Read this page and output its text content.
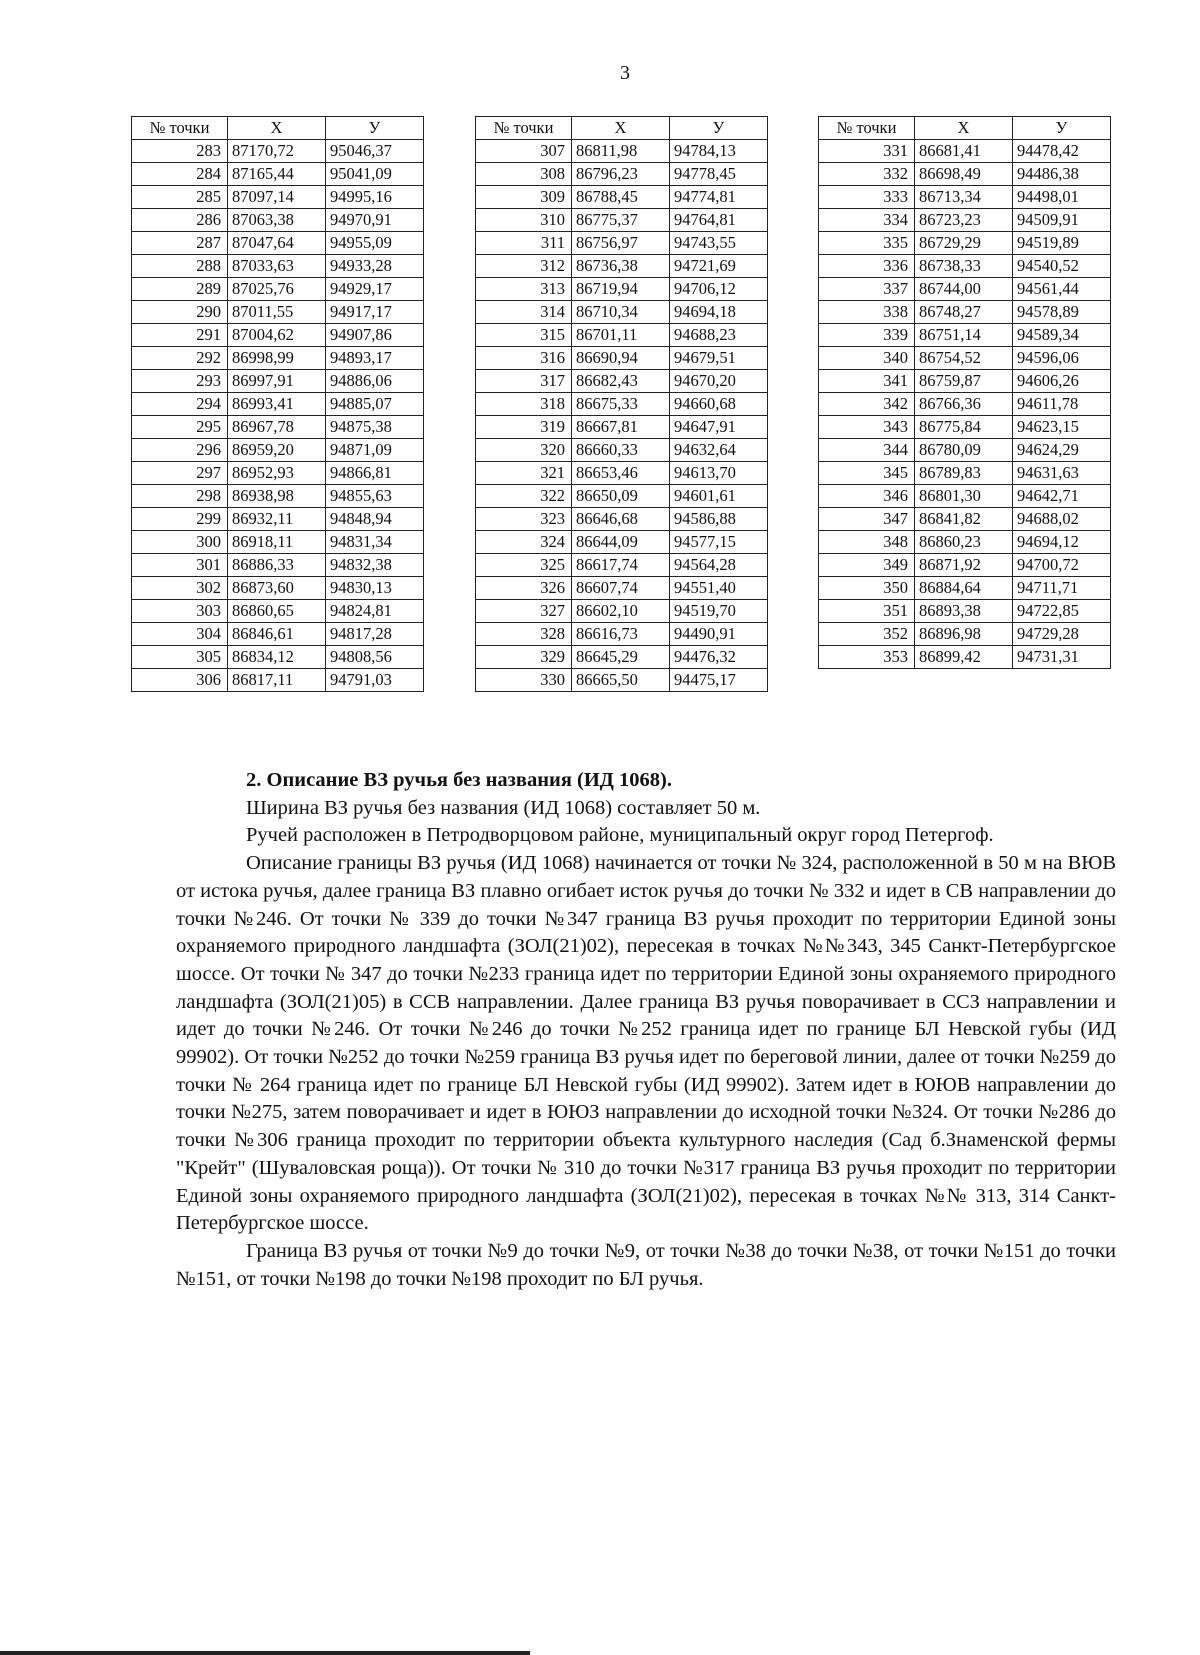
3
№ точки	X	У
283	87170,72	95046,37
284	87165,44	95041,09
285	87097,14	94995,16
286	87063,38	94970,91
287	87047,64	94955,09
288	87033,63	94933,28
289	87025,76	94929,17
290	87011,55	94917,17
291	87004,62	94907,86
292	86998,99	94893,17
293	86997,91	94886,06
294	86993,41	94885,07
295	86967,78	94875,38
296	86959,20	94871,09
297	86952,93	94866,81
298	86938,98	94855,63
299	86932,11	94848,94
300	86918,11	94831,34
301	86886,33	94832,38
302	86873,60	94830,13
303	86860,65	94824,81
304	86846,61	94817,28
305	86834,12	94808,56
306	86817,11	94791,03
№ точки	X	У
307	86811,98	94784,13
308	86796,23	94778,45
309	86788,45	94774,81
310	86775,37	94764,81
311	86756,97	94743,55
312	86736,38	94721,69
313	86719,94	94706,12
314	86710,34	94694,18
315	86701,11	94688,23
316	86690,94	94679,51
317	86682,43	94670,20
318	86675,33	94660,68
319	86667,81	94647,91
320	86660,33	94632,64
321	86653,46	94613,70
322	86650,09	94601,61
323	86646,68	94586,88
324	86644,09	94577,15
325	86617,74	94564,28
326	86607,74	94551,40
327	86602,10	94519,70
328	86616,73	94490,91
329	86645,29	94476,32
330	86665,50	94475,17
№ точки	X	У
331	86681,41	94478,42
332	86698,49	94486,38
333	86713,34	94498,01
334	86723,23	94509,91
335	86729,29	94519,89
336	86738,33	94540,52
337	86744,00	94561,44
338	86748,27	94578,89
339	86751,14	94589,34
340	86754,52	94596,06
341	86759,87	94606,26
342	86766,36	94611,78
343	86775,84	94623,15
344	86780,09	94624,29
345	86789,83	94631,63
346	86801,30	94642,71
347	86841,82	94688,02
348	86860,23	94694,12
349	86871,92	94700,72
350	86884,64	94711,71
351	86893,38	94722,85
352	86896,98	94729,28
353	86899,42	94731,31
2. Описание ВЗ ручья без названия (ИД 1068).

Ширина ВЗ ручья без названия (ИД 1068) составляет 50 м.

Ручей расположен в Петродворцовом районе, муниципальный округ город Петергоф.

Описание границы ВЗ ручья (ИД 1068) начинается от точки № 324, расположенной в 50 м на ВЮВ от истока ручья, далее граница ВЗ плавно огибает исток ручья до точки № 332 и идет в СВ направлении до точки №246. От точки № 339 до точки №347 граница ВЗ ручья проходит по территории Единой зоны охраняемого природного ландшафта (ЗОЛ(21)02), пересекая в точках №№343, 345 Санкт-Петербургское шоссе. От точки № 347 до точки №233 граница идет по территории Единой зоны охраняемого природного ландшафта (ЗОЛ(21)05) в ССВ направлении. Далее граница ВЗ ручья поворачивает в ССЗ направлении и идет до точки №246. От точки №246 до точки №252 граница идет по границе БЛ Невской губы (ИД 99902). От точки №252 до точки №259 граница ВЗ ручья идет по береговой линии, далее от точки №259 до точки № 264 граница идет по границе БЛ Невской губы (ИД 99902). Затем идет в ЮЮВ направлении до точки №275, затем поворачивает и идет в ЮЮЗ направлении до исходной точки №324. От точки №286 до точки №306 граница проходит по территории объекта культурного наследия (Сад б.Знаменской фермы "Крейт" (Шуваловская роща)). От точки № 310 до точки №317 граница ВЗ ручья проходит по территории Единой зоны охраняемого природного ландшафта (ЗОЛ(21)02), пересекая в точках №№ 313, 314 Санкт-Петербургское шоссе.

Граница ВЗ ручья от точки №9 до точки №9, от точки №38 до точки №38, от точки №151 до точки №151, от точки №198 до точки №198 проходит по БЛ ручья.
